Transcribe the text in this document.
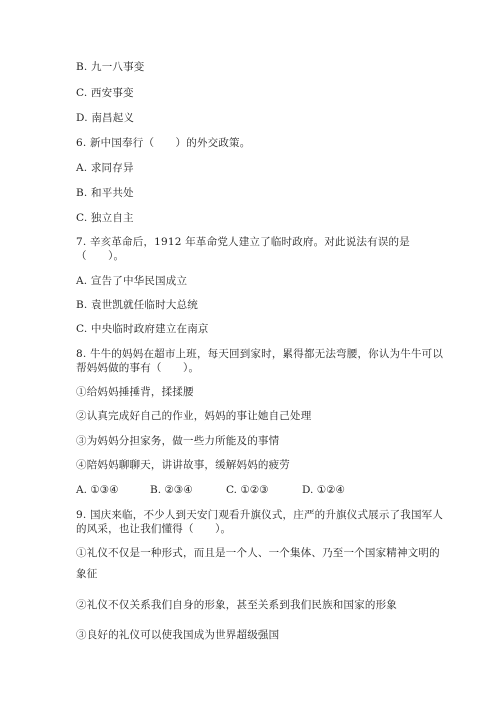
B. 九一八事变
C. 西安事变
D. 南昌起义
6. 新中国奉行（　　）的外交政策。
A. 求同存异
B. 和平共处
C. 独立自主
7. 辛亥革命后，1912 年革命党人建立了临时政府。对此说法有误的是
（　　）。
A. 宣告了中华民国成立
B. 袁世凯就任临时大总统
C. 中央临时政府建立在南京
8. 牛牛的妈妈在超市上班，每天回到家时，累得都无法弯腰，你认为牛牛可以
帮妈妈做的事有（　　）。
①给妈妈捶捶背，揉揉腰
②认真完成好自己的作业，妈妈的事让她自己处理
③为妈妈分担家务，做一些力所能及的事情
④陪妈妈聊聊天，讲讲故事，缓解妈妈的疲劳
A. ①③④	B. ②③④	C. ①②③	D. ①②④
9. 国庆来临，不少人到天安门观看升旗仪式，庄严的升旗仪式展示了我国军人
的风采，也让我们懂得（　　）。
①礼仪不仅是一种形式，而且是一个人、一个集体、乃至一个国家精神文明的
象征
②礼仪不仅关系我们自身的形象，甚至关系到我们民族和国家的形象
③良好的礼仪可以使我国成为世界超级强国
